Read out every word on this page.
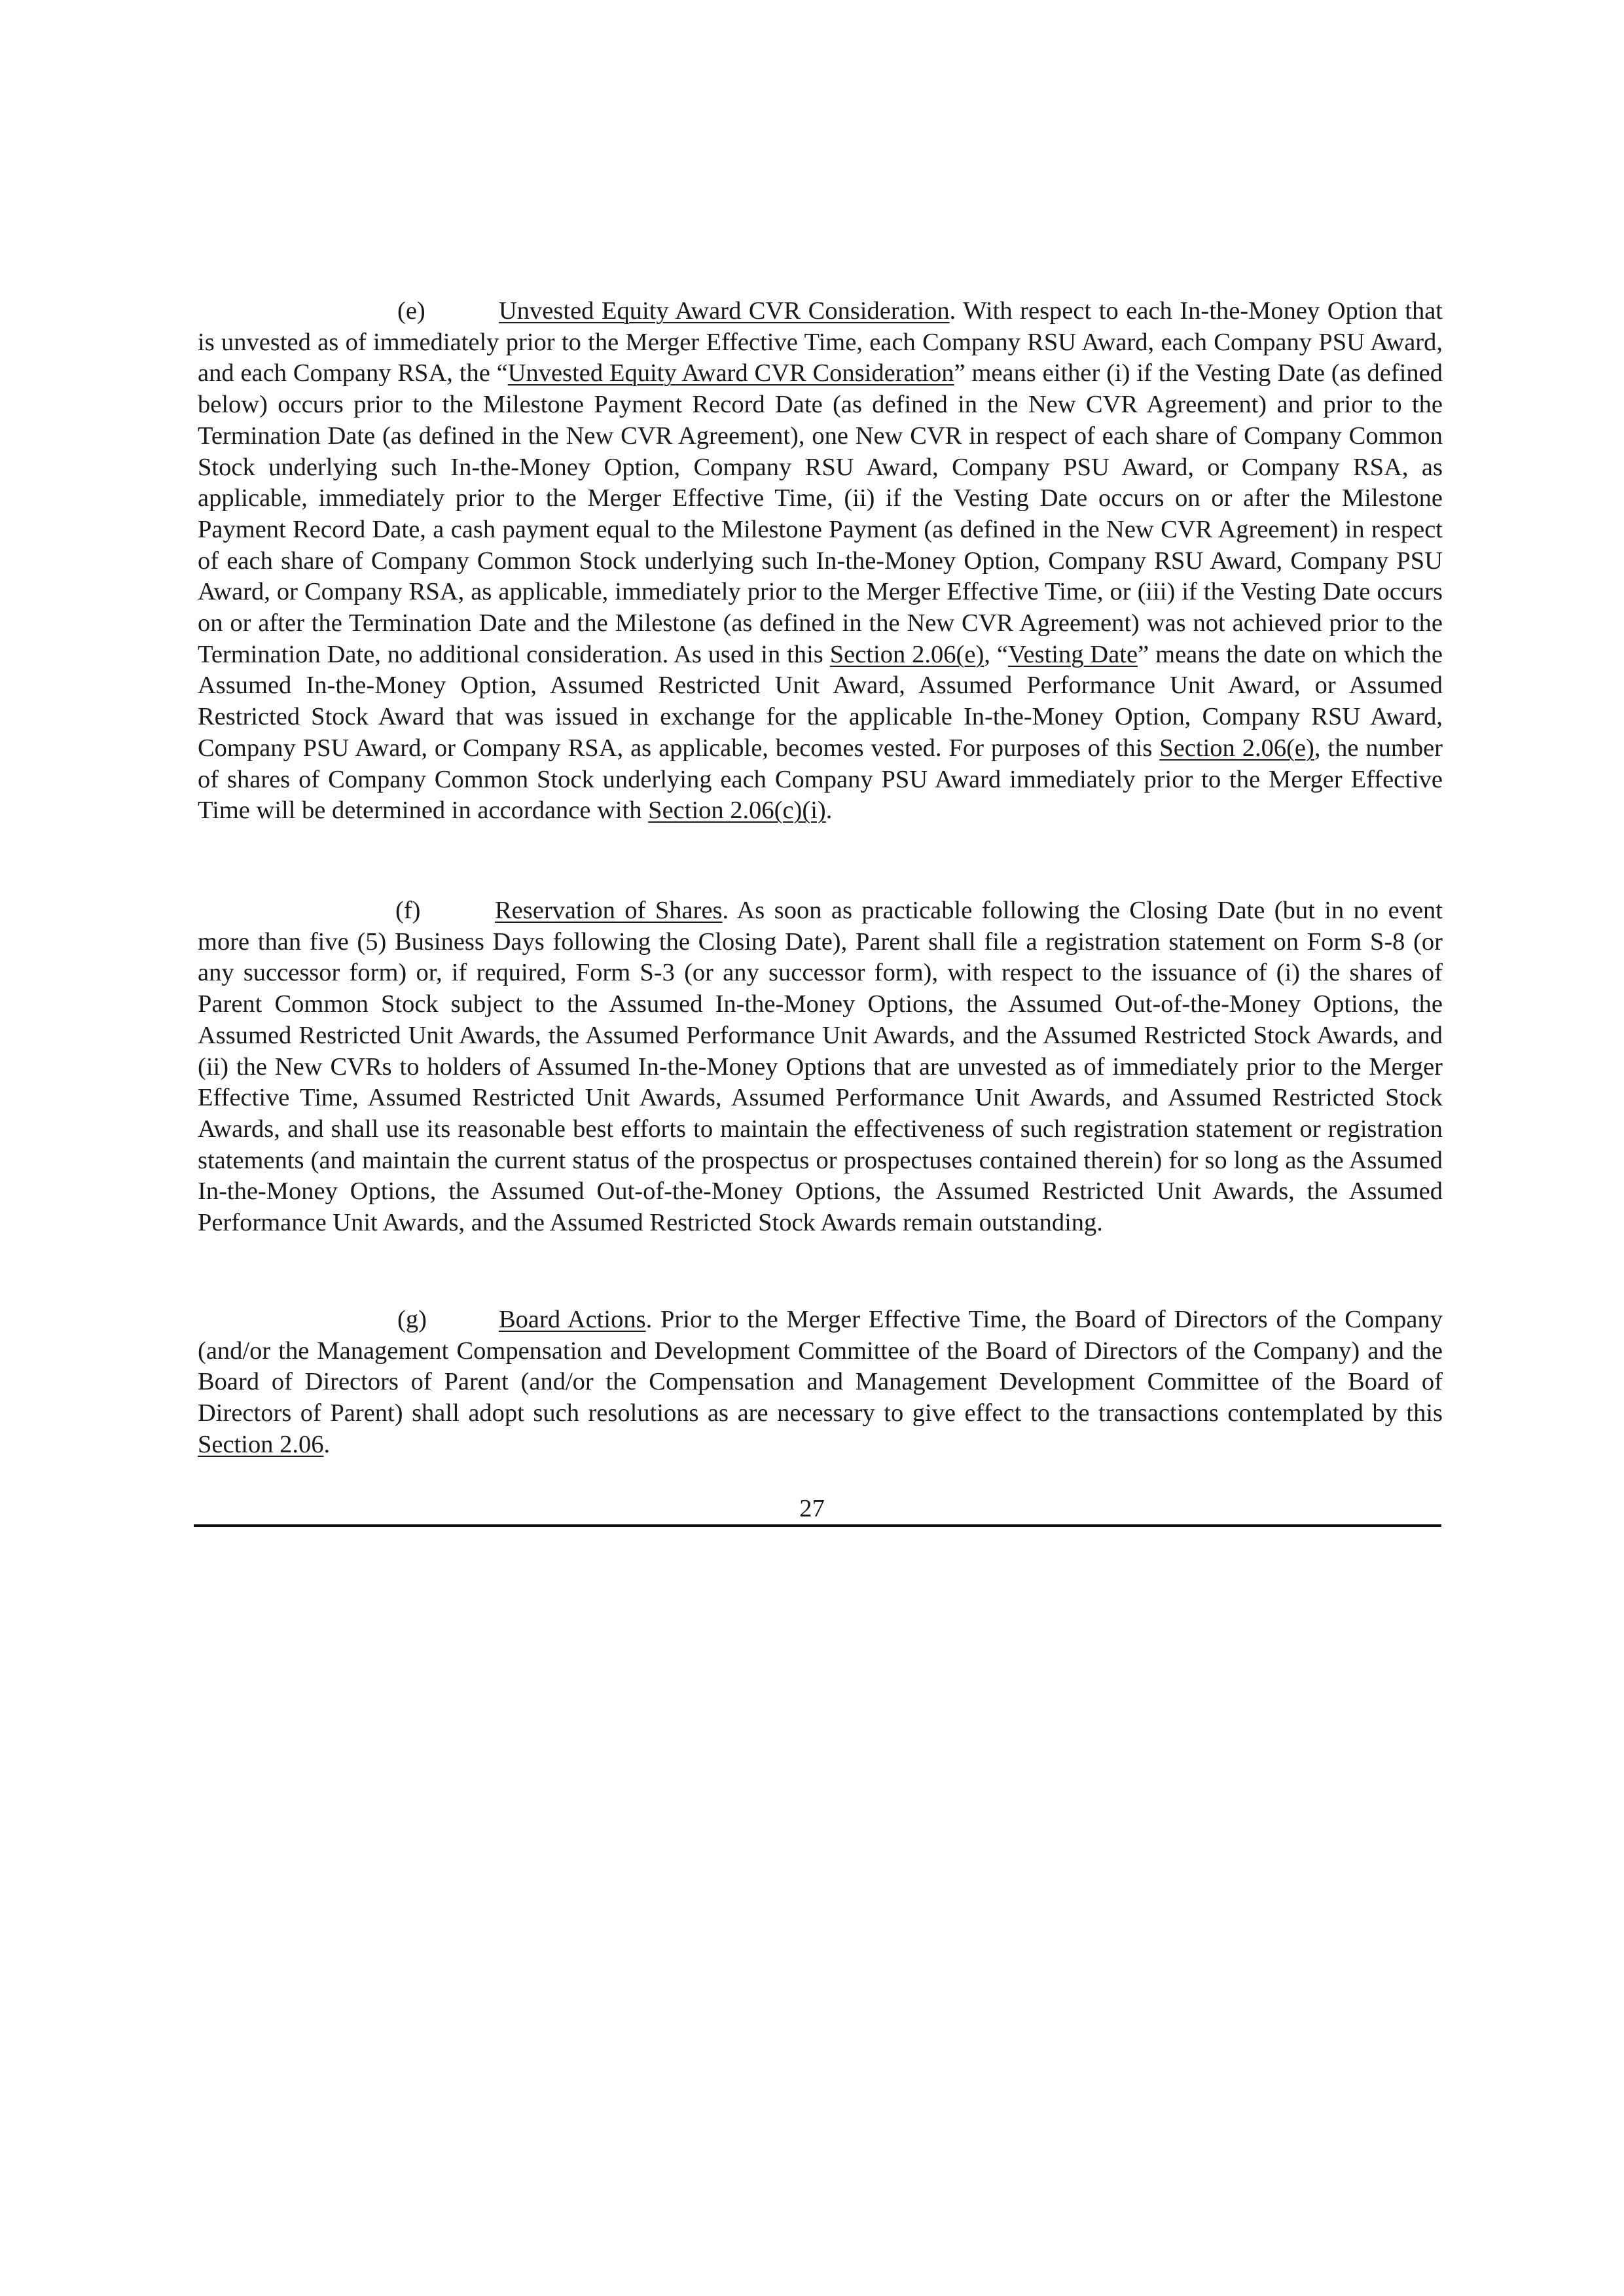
(e)	Unvested Equity Award CVR Consideration. With respect to each In-the-Money Option that is unvested as of immediately prior to the Merger Effective Time, each Company RSU Award, each Company PSU Award, and each Company RSA, the “Unvested Equity Award CVR Consideration” means either (i) if the Vesting Date (as defined below) occurs prior to the Milestone Payment Record Date (as defined in the New CVR Agreement) and prior to the Termination Date (as defined in the New CVR Agreement), one New CVR in respect of each share of Company Common Stock underlying such In-the-Money Option, Company RSU Award, Company PSU Award, or Company RSA, as applicable, immediately prior to the Merger Effective Time, (ii) if the Vesting Date occurs on or after the Milestone Payment Record Date, a cash payment equal to the Milestone Payment (as defined in the New CVR Agreement) in respect of each share of Company Common Stock underlying such In-the-Money Option, Company RSU Award, Company PSU Award, or Company RSA, as applicable, immediately prior to the Merger Effective Time, or (iii) if the Vesting Date occurs on or after the Termination Date and the Milestone (as defined in the New CVR Agreement) was not achieved prior to the Termination Date, no additional consideration. As used in this Section 2.06(e), “Vesting Date” means the date on which the Assumed In-the-Money Option, Assumed Restricted Unit Award, Assumed Performance Unit Award, or Assumed Restricted Stock Award that was issued in exchange for the applicable In-the-Money Option, Company RSU Award, Company PSU Award, or Company RSA, as applicable, becomes vested. For purposes of this Section 2.06(e), the number of shares of Company Common Stock underlying each Company PSU Award immediately prior to the Merger Effective Time will be determined in accordance with Section 2.06(c)(i).

(f)	Reservation of Shares. As soon as practicable following the Closing Date (but in no event more than five (5) Business Days following the Closing Date), Parent shall file a registration statement on Form S-8 (or any successor form) or, if required, Form S-3 (or any successor form), with respect to the issuance of (i) the shares of Parent Common Stock subject to the Assumed In-the-Money Options, the Assumed Out-of-the-Money Options, the Assumed Restricted Unit Awards, the Assumed Performance Unit Awards, and the Assumed Restricted Stock Awards, and (ii) the New CVRs to holders of Assumed In-the-Money Options that are unvested as of immediately prior to the Merger Effective Time, Assumed Restricted Unit Awards, Assumed Performance Unit Awards, and Assumed Restricted Stock Awards, and shall use its reasonable best efforts to maintain the effectiveness of such registration statement or registration statements (and maintain the current status of the prospectus or prospectuses contained therein) for so long as the Assumed In-the-Money Options, the Assumed Out-of-the-Money Options, the Assumed Restricted Unit Awards, the Assumed Performance Unit Awards, and the Assumed Restricted Stock Awards remain outstanding.

(g)	Board Actions. Prior to the Merger Effective Time, the Board of Directors of the Company (and/or the Management Compensation and Development Committee of the Board of Directors of the Company) and the Board of Directors of Parent (and/or the Compensation and Management Development Committee of the Board of Directors of Parent) shall adopt such resolutions as are necessary to give effect to the transactions contemplated by this Section 2.06.

27
